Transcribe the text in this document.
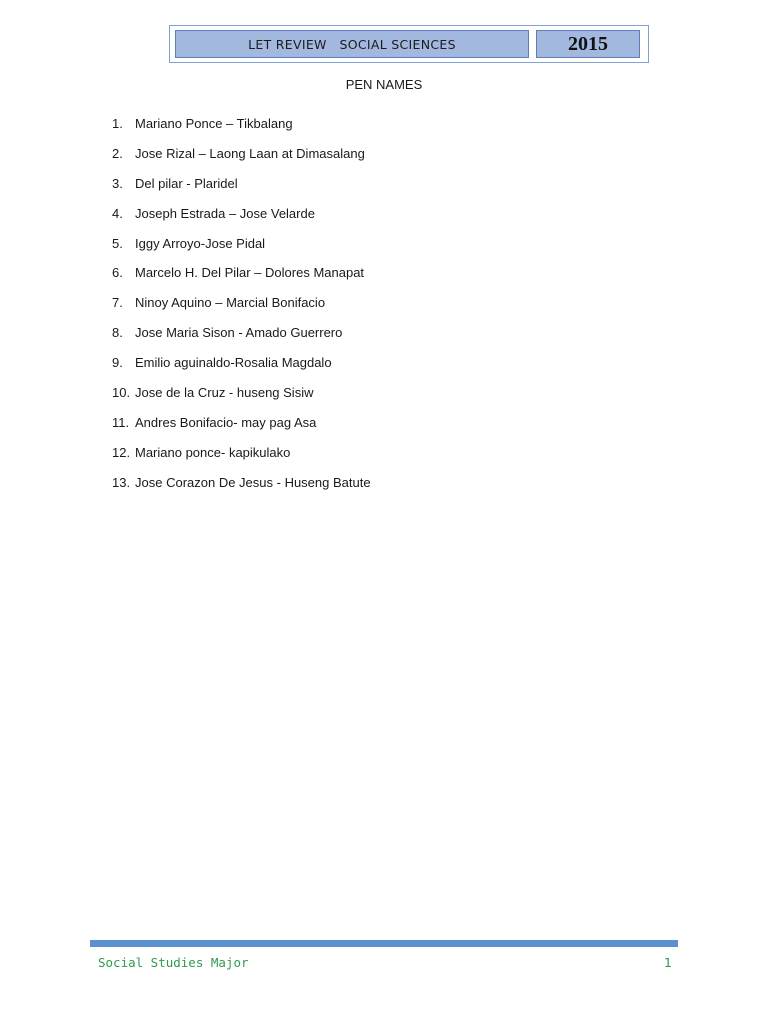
LET REVIEW   SOCIAL SCIENCES	2015
PEN NAMES
1. Mariano Ponce – Tikbalang
2. Jose Rizal – Laong Laan at Dimasalang
3. Del pilar - Plaridel
4. Joseph Estrada – Jose Velarde
5. Iggy Arroyo-Jose Pidal
6. Marcelo H. Del Pilar – Dolores Manapat
7. Ninoy Aquino – Marcial Bonifacio
8. Jose Maria Sison - Amado Guerrero
9. Emilio aguinaldo-Rosalia Magdalo
10. Jose de la Cruz - huseng Sisiw
11. Andres Bonifacio- may pag Asa
12. Mariano ponce- kapikulako
13. Jose Corazon De Jesus - Huseng Batute
Social Studies Major	1
